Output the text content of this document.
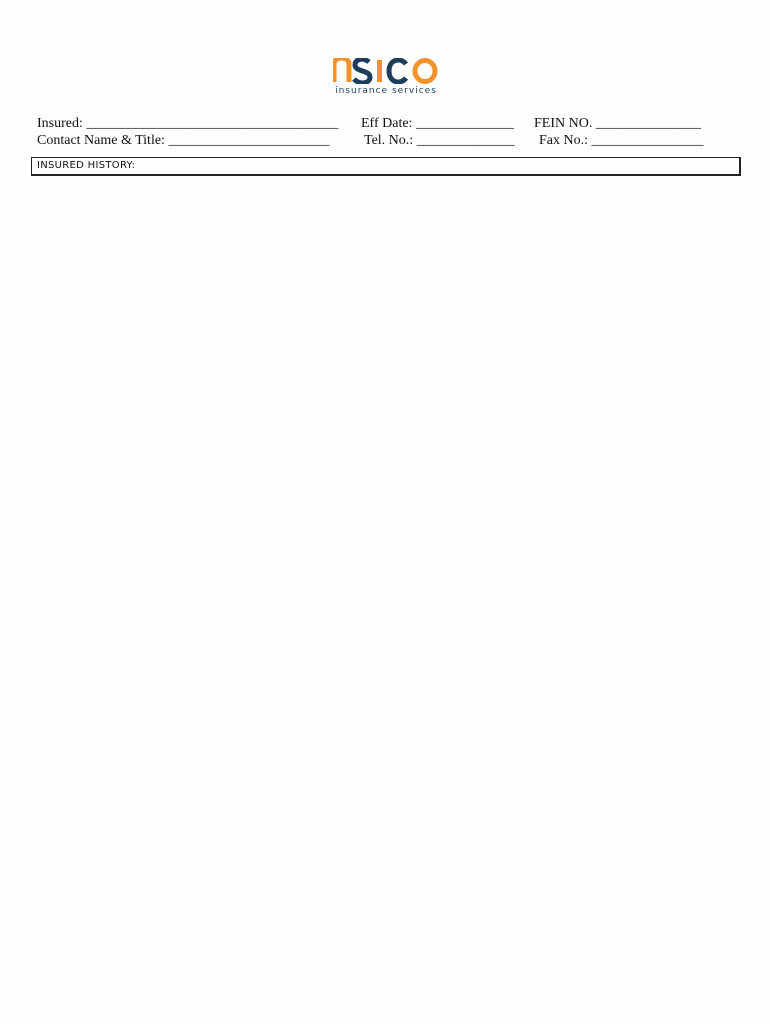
insurance services
Insured: ____________________________________ Eff Date: ______________ FEIN NO. _______________
Contact Name & Title: _______________________ Tel. No.: ______________ Fax No.: ________________
INSURED HISTORY:
